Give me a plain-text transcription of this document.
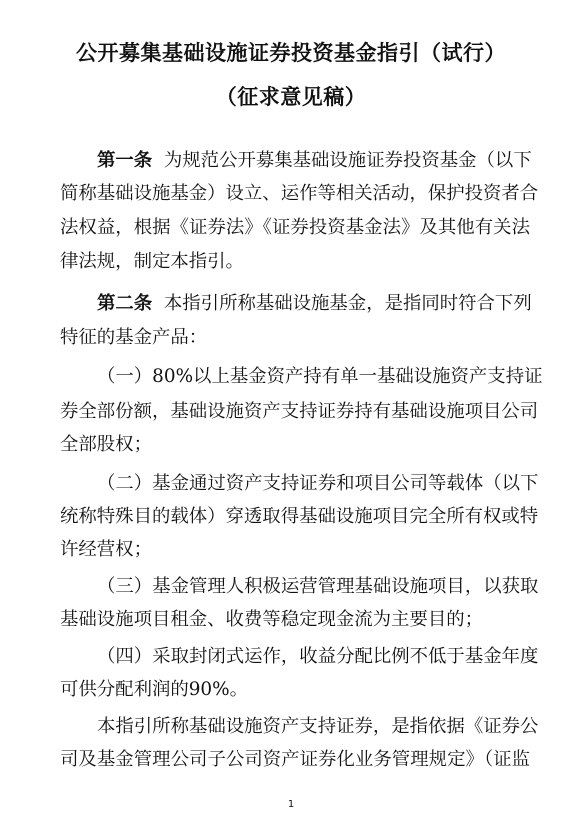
公开募集基础设施证券投资基金指引（试行）
（征求意见稿）
第一条 为规范公开募集基础设施证券投资基金（以下
简称基础设施基金）设立、运作等相关活动，保护投资者合
法权益，根据《证券法》《证券投资基金法》及其他有关法
律法规，制定本指引。
第二条 本指引所称基础设施基金，是指同时符合下列
特征的基金产品：
（一）80%以上基金资产持有单一基础设施资产支持证
券全部份额，基础设施资产支持证券持有基础设施项目公司
全部股权；
（二）基金通过资产支持证券和项目公司等载体（以下
统称特殊目的载体）穿透取得基础设施项目完全所有权或特
许经营权；
（三）基金管理人积极运营管理基础设施项目，以获取
基础设施项目租金、收费等稳定现金流为主要目的；
（四）采取封闭式运作，收益分配比例不低于基金年度
可供分配利润的90%。
本指引所称基础设施资产支持证券，是指依据《证券公
司及基金管理公司子公司资产证券化业务管理规定》（证监
1
